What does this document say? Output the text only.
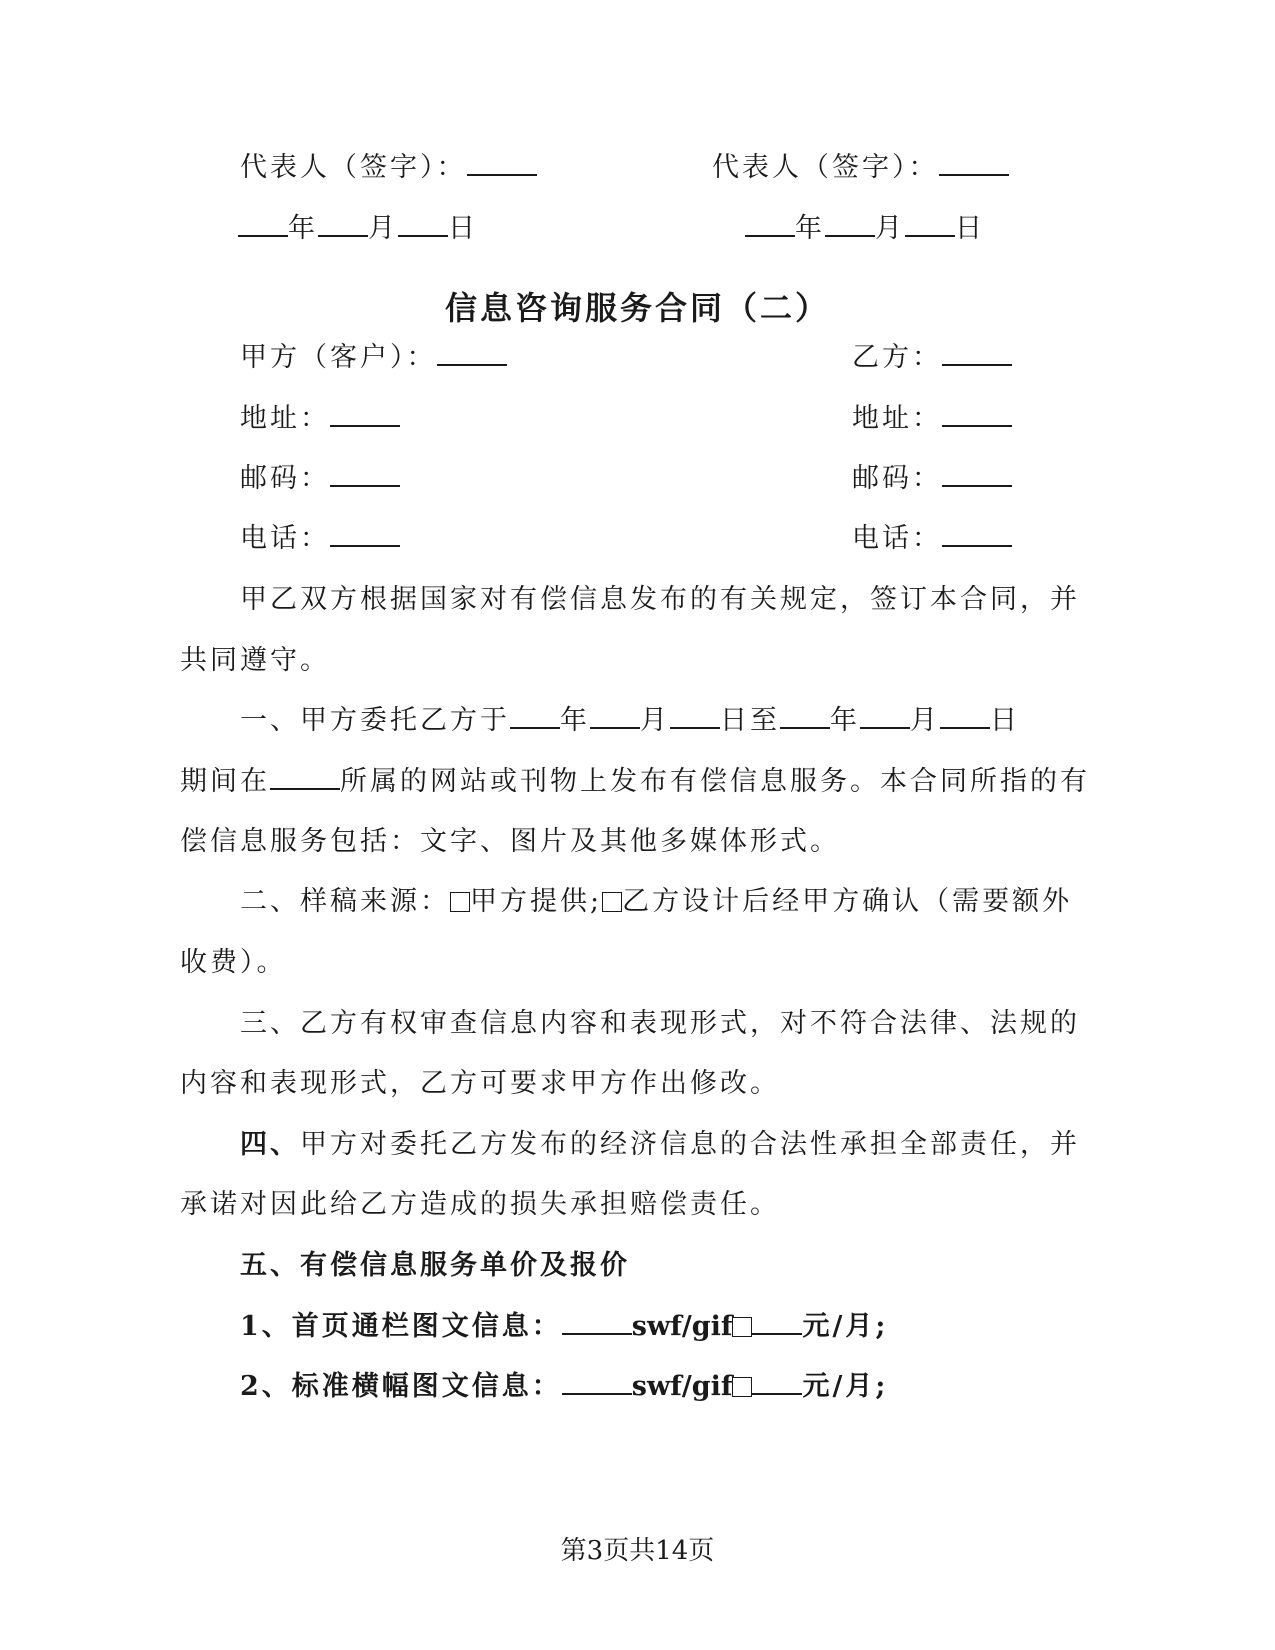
代表人（签字）：	代表人（签字）：
年 月 日	年 月 日
信息咨询服务合同（二）
甲方（客户）：	乙方：
地址：	地址：
邮码：	邮码：
电话：	电话：
甲乙双方根据国家对有偿信息发布的有关规定，签订本合同，并
共同遵守。
一、甲方委托乙方于 年 月 日至 年 月 日
期间在	所属的网站或刊物上发布有偿信息服务。本合同所指的有
偿信息服务包括：文字、图片及其他多媒体形式。
二、样稿来源： 甲方提供; 乙方设计后经甲方确认（需要额外
收费）。
三、乙方有权审查信息内容和表现形式，对不符合法律、法规的
内容和表现形式，乙方可要求甲方作出修改。
四、甲方对委托乙方发布的经济信息的合法性承担全部责任，并
承诺对因此给乙方造成的损失承担赔偿责任。
五、有偿信息服务单价及报价
1、首页通栏图文信息：	swf/gif	元/月;
2、标准横幅图文信息：	swf/gif	元/月;
第3页共14页
